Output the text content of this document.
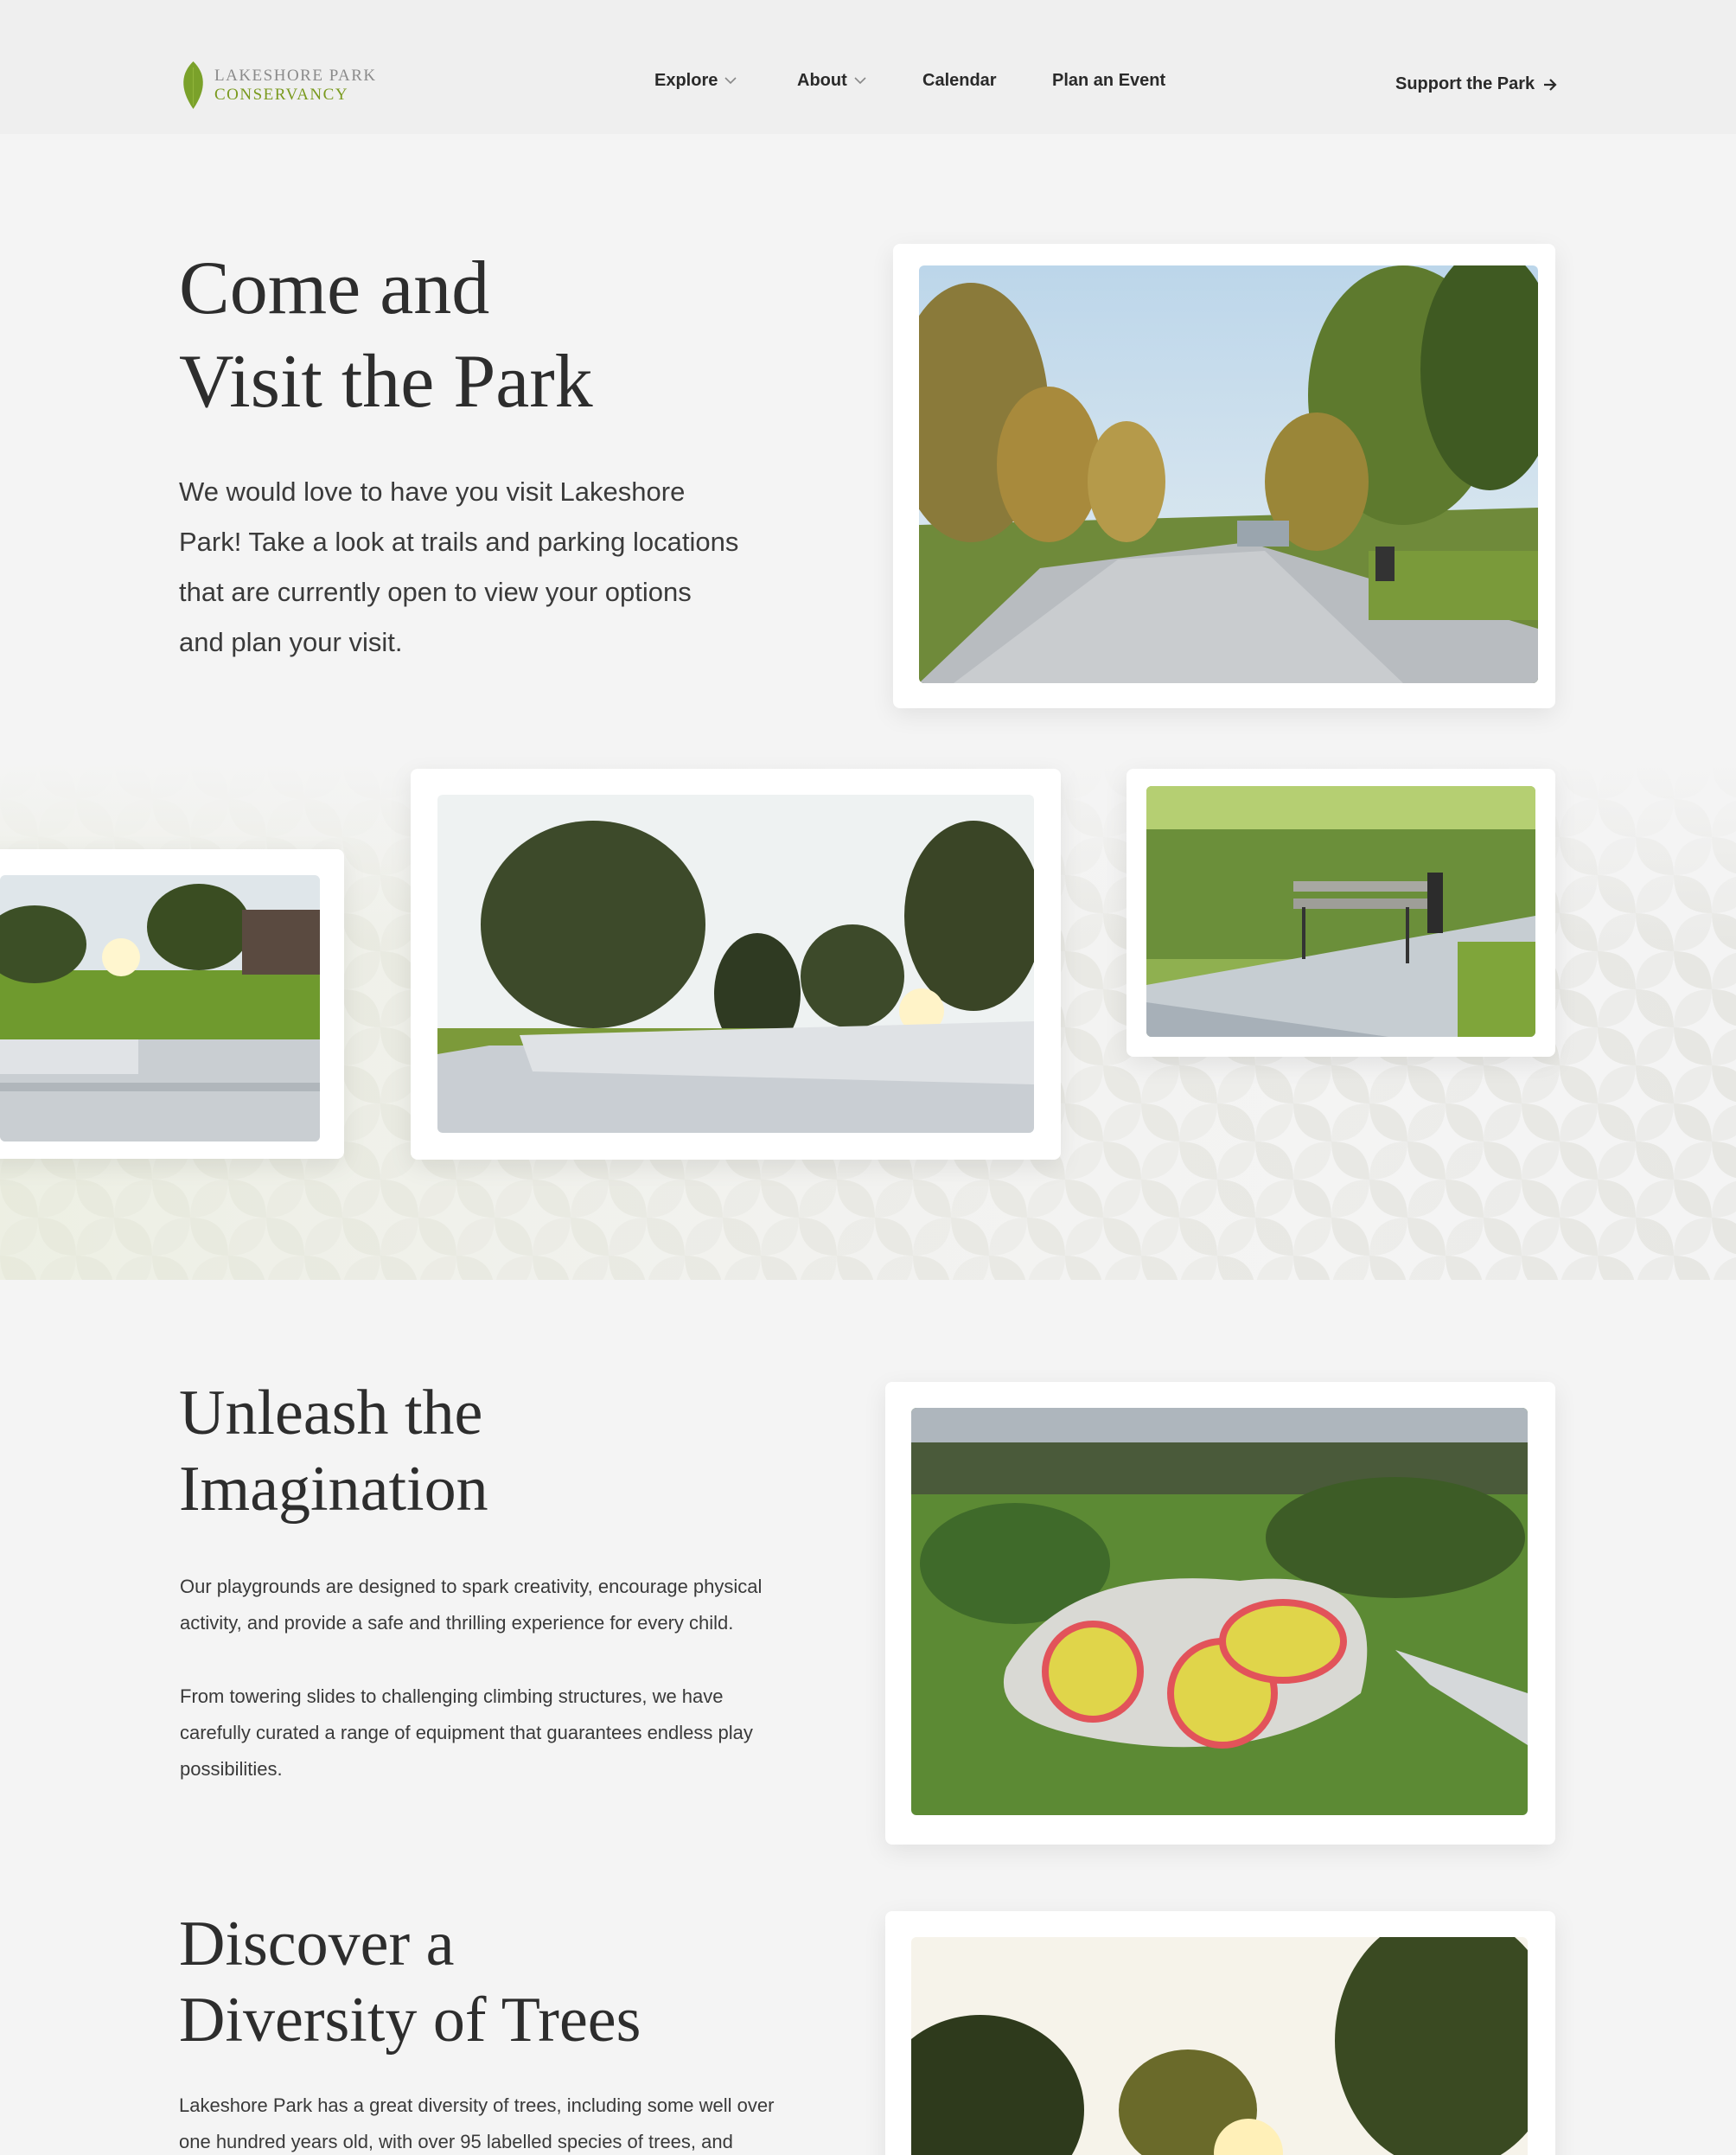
LAKESHORE PARK
CONSERVANCY
Explore	About	Calendar	Plan an Event	Support the Park
Come and
Visit the Park
We would love to have you visit Lakeshore
Park! Take a look at trails and parking locations
that are currently open to view your options
and plan your visit.
Unleash the
Imagination
Our playgrounds are designed to spark creativity, encourage physical
activity, and provide a safe and thrilling experience for every child.
From towering slides to challenging climbing structures, we have
carefully curated a range of equipment that guarantees endless play
possibilities.
Discover a
Diversity of Trees
Lakeshore Park has a great diversity of trees, including some well over
one hundred years old, with over 95 labelled species of trees, and
